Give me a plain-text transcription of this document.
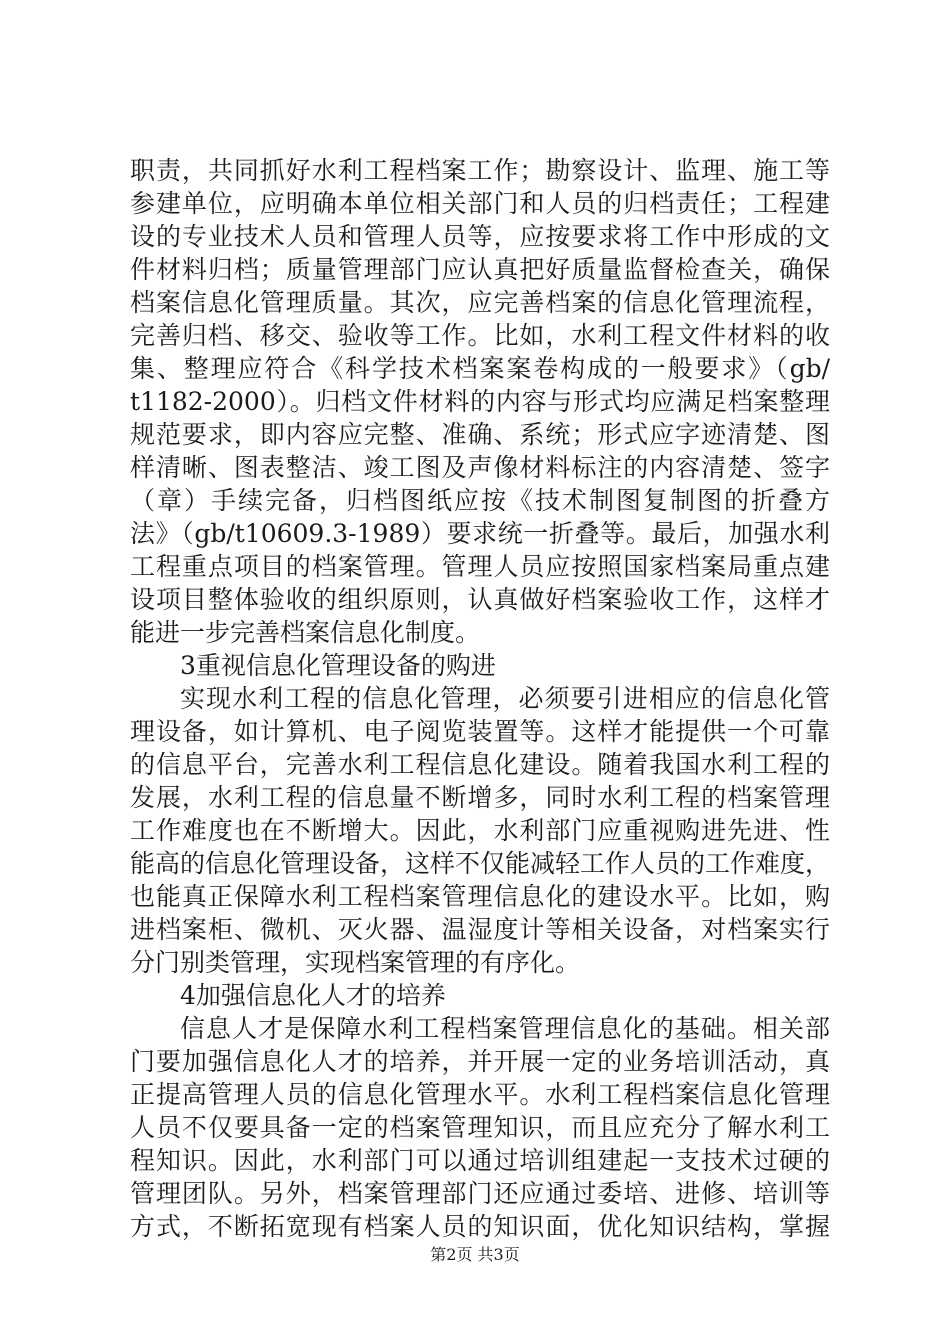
职责，共同抓好水利工程档案工作；勘察设计、监理、施工等
参建单位，应明确本单位相关部门和人员的归档责任；工程建
设的专业技术人员和管理人员等，应按要求将工作中形成的文
件材料归档；质量管理部门应认真把好质量监督检查关，确保
档案信息化管理质量。其次，应完善档案的信息化管理流程，
完善归档、移交、验收等工作。比如，水利工程文件材料的收
集、整理应符合《科学技术档案案卷构成的一般要求》（gb/
t1182-2000）。归档文件材料的内容与形式均应满足档案整理
规范要求，即内容应完整、准确、系统；形式应字迹清楚、图
样清晰、图表整洁、竣工图及声像材料标注的内容清楚、签字
（章）手续完备，归档图纸应按《技术制图复制图的折叠方
法》（gb/t10609.3-1989）要求统一折叠等。最后，加强水利
工程重点项目的档案管理。管理人员应按照国家档案局重点建
设项目整体验收的组织原则，认真做好档案验收工作，这样才
能进一步完善档案信息化制度。
3重视信息化管理设备的购进
实现水利工程的信息化管理，必须要引进相应的信息化管
理设备，如计算机、电子阅览装置等。这样才能提供一个可靠
的信息平台，完善水利工程信息化建设。随着我国水利工程的
发展，水利工程的信息量不断增多，同时水利工程的档案管理
工作难度也在不断增大。因此，水利部门应重视购进先进、性
能高的信息化管理设备，这样不仅能减轻工作人员的工作难度，
也能真正保障水利工程档案管理信息化的建设水平。比如，购
进档案柜、微机、灭火器、温湿度计等相关设备，对档案实行
分门别类管理，实现档案管理的有序化。
4加强信息化人才的培养
信息人才是保障水利工程档案管理信息化的基础。相关部
门要加强信息化人才的培养，并开展一定的业务培训活动，真
正提高管理人员的信息化管理水平。水利工程档案信息化管理
人员不仅要具备一定的档案管理知识，而且应充分了解水利工
程知识。因此，水利部门可以通过培训组建起一支技术过硬的
管理团队。另外，档案管理部门还应通过委培、进修、培训等
方式，不断拓宽现有档案人员的知识面，优化知识结构，掌握
第2页 共3页
